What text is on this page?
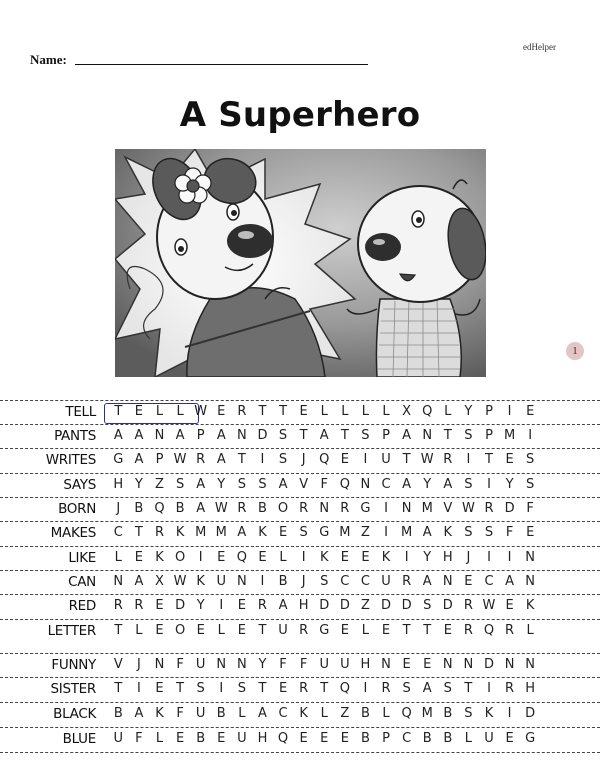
edHelper
Name:
A Superhero
1
TELL	T E L	L W E R T T E L	L	L	L X Q L Y P	I	E
PANTS	A A N A P A N D S T A T S P A N T S P M	I
WRITES	G A P W R A T	I	S	J	Q E	I	U T W R	I	T E S
SAYS	H Y Z S A Y S S A V F Q N C A Y A S	I	Y S
BORN	J	B Q B A W R B O R N R G	I	N M V W R D F
MAKES	C T R K M M A K E S G M Z	I	M A K S S F E
LIKE	L E K O	I	E Q E L	I	K E E K	I	Y H	J	I	I	N
CAN	N A X W K U N	I	B	J	S C C U R A N E C A N
RED	R R E D Y	I	E R A H D D Z D D S D R W E K
LETTER	T	L E O E L E T U R G E L E T T E R Q R L
FUNNY	V	J	N F U N N Y F	F U U H N E E N N D N N
SISTER	T	I	E T S	I	S T E R T Q	I	R S A S T	I	R H
BLACK	B A K F U B L A C K L Z B L Q M B S K	I	D
BLUE	U F	L E B E U H Q E E E B P C B B L U E G
